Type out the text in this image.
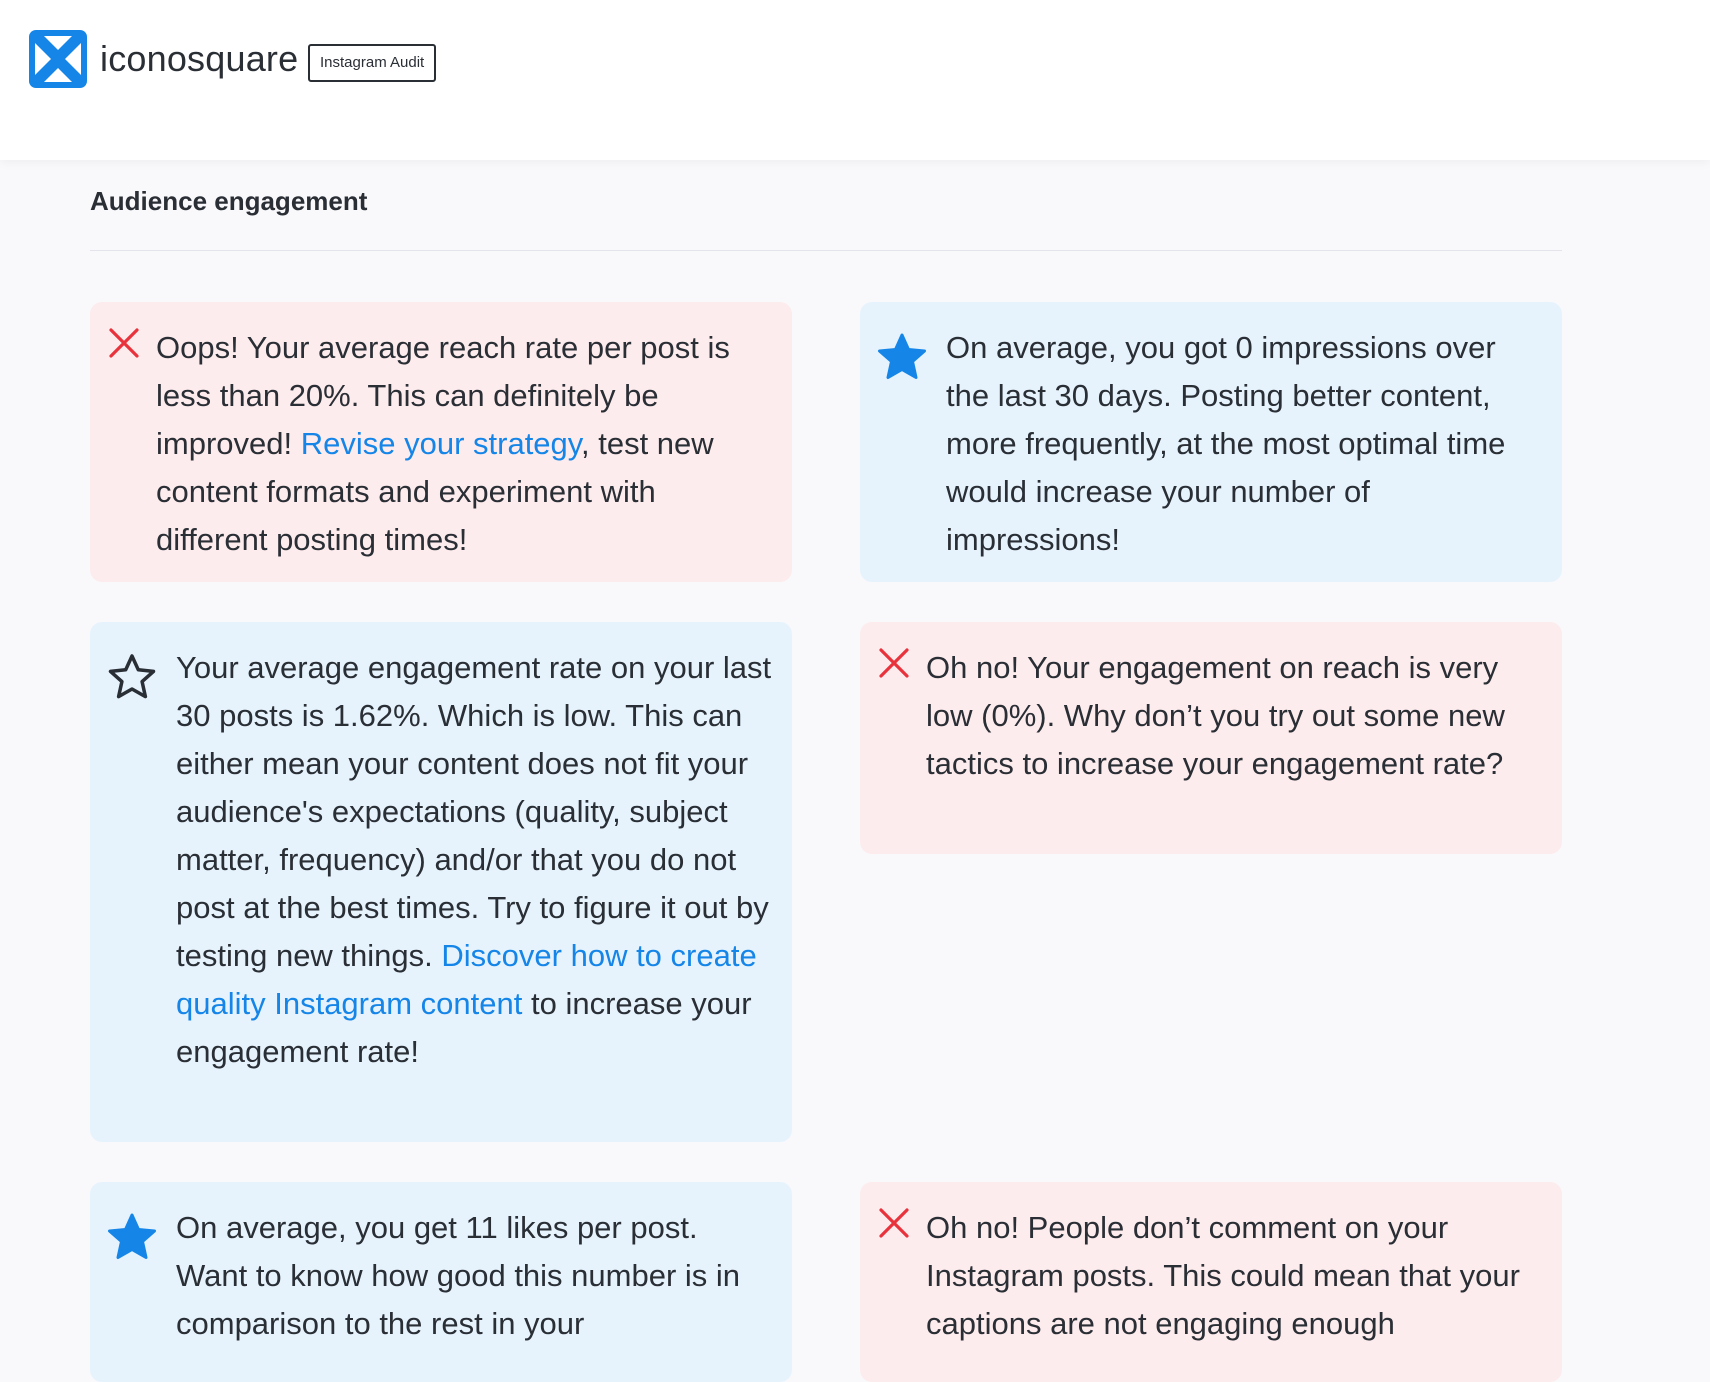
iconosquare	Instagram Audit
Audience engagement
Oops! Your average reach rate per post is less than 20%. This can definitely be improved! Revise your strategy, test new content formats and experiment with different posting times!
On average, you got 0 impressions over the last 30 days. Posting better content, more frequently, at the most optimal time would increase your number of impressions!
Your average engagement rate on your last 30 posts is 1.62%. Which is low. This can either mean your content does not fit your audience's expectations (quality, subject matter, frequency) and/or that you do not post at the best times. Try to figure it out by testing new things. Discover how to create quality Instagram content to increase your engagement rate!
Oh no! Your engagement on reach is very low (0%). Why don’t you try out some new tactics to increase your engagement rate?
On average, you get 11 likes per post. Want to know how good this number is in comparison to the rest in your
Oh no! People don’t comment on your Instagram posts. This could mean that your captions are not engaging enough
